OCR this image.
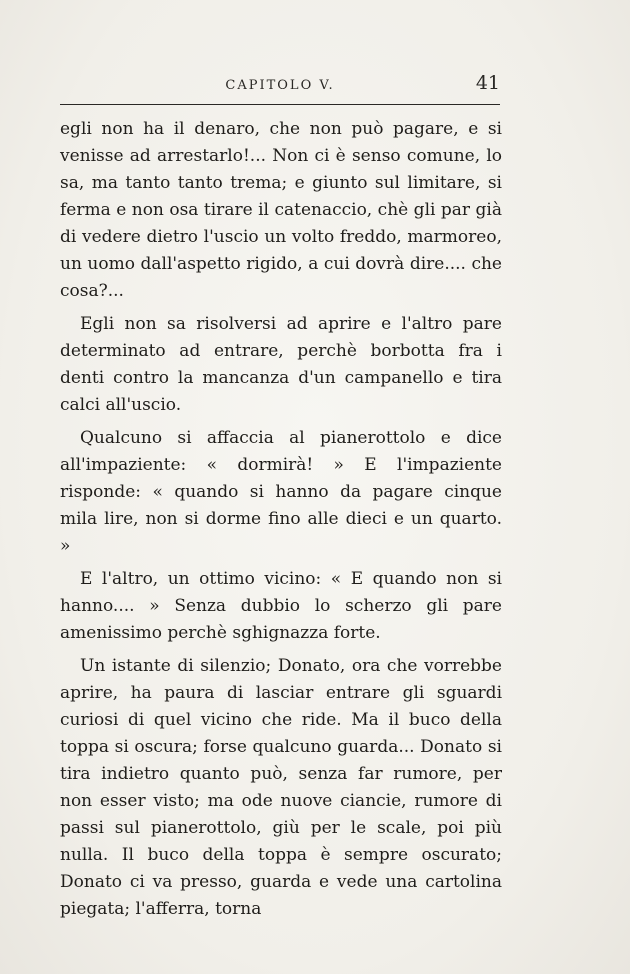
CAPITOLO V.	41

egli non ha il denaro, che non può pagare, e si venisse ad arrestarlo!... Non ci è senso comune, lo sa, ma tanto tanto trema; e giunto sul limitare, si ferma e non osa tirare il catenaccio, chè gli par già di vedere dietro l'uscio un volto freddo, marmoreo, un uomo dall'aspetto rigido, a cui dovrà dire.... che cosa?...

Egli non sa risolversi ad aprire e l'altro pare determinato ad entrare, perchè borbotta fra i denti contro la mancanza d'un campanello e tira calci all'uscio.

Qualcuno si affaccia al pianerottolo e dice all'impaziente: « dormirà! » E l'impaziente risponde: « quando si hanno da pagare cinque mila lire, non si dorme fino alle dieci e un quarto. »

E l'altro, un ottimo vicino: « E quando non si hanno.... » Senza dubbio lo scherzo gli pare amenissimo perchè sghignazza forte.

Un istante di silenzio; Donato, ora che vorrebbe aprire, ha paura di lasciar entrare gli sguardi curiosi di quel vicino che ride. Ma il buco della toppa si oscura; forse qualcuno guarda... Donato si tira indietro quanto può, senza far rumore, per non esser visto; ma ode nuove ciancie, rumore di passi sul pianerottolo, giù per le scale, poi più nulla. Il buco della toppa è sempre oscurato; Donato ci va presso, guarda e vede una cartolina piegata; l'afferra, torna
